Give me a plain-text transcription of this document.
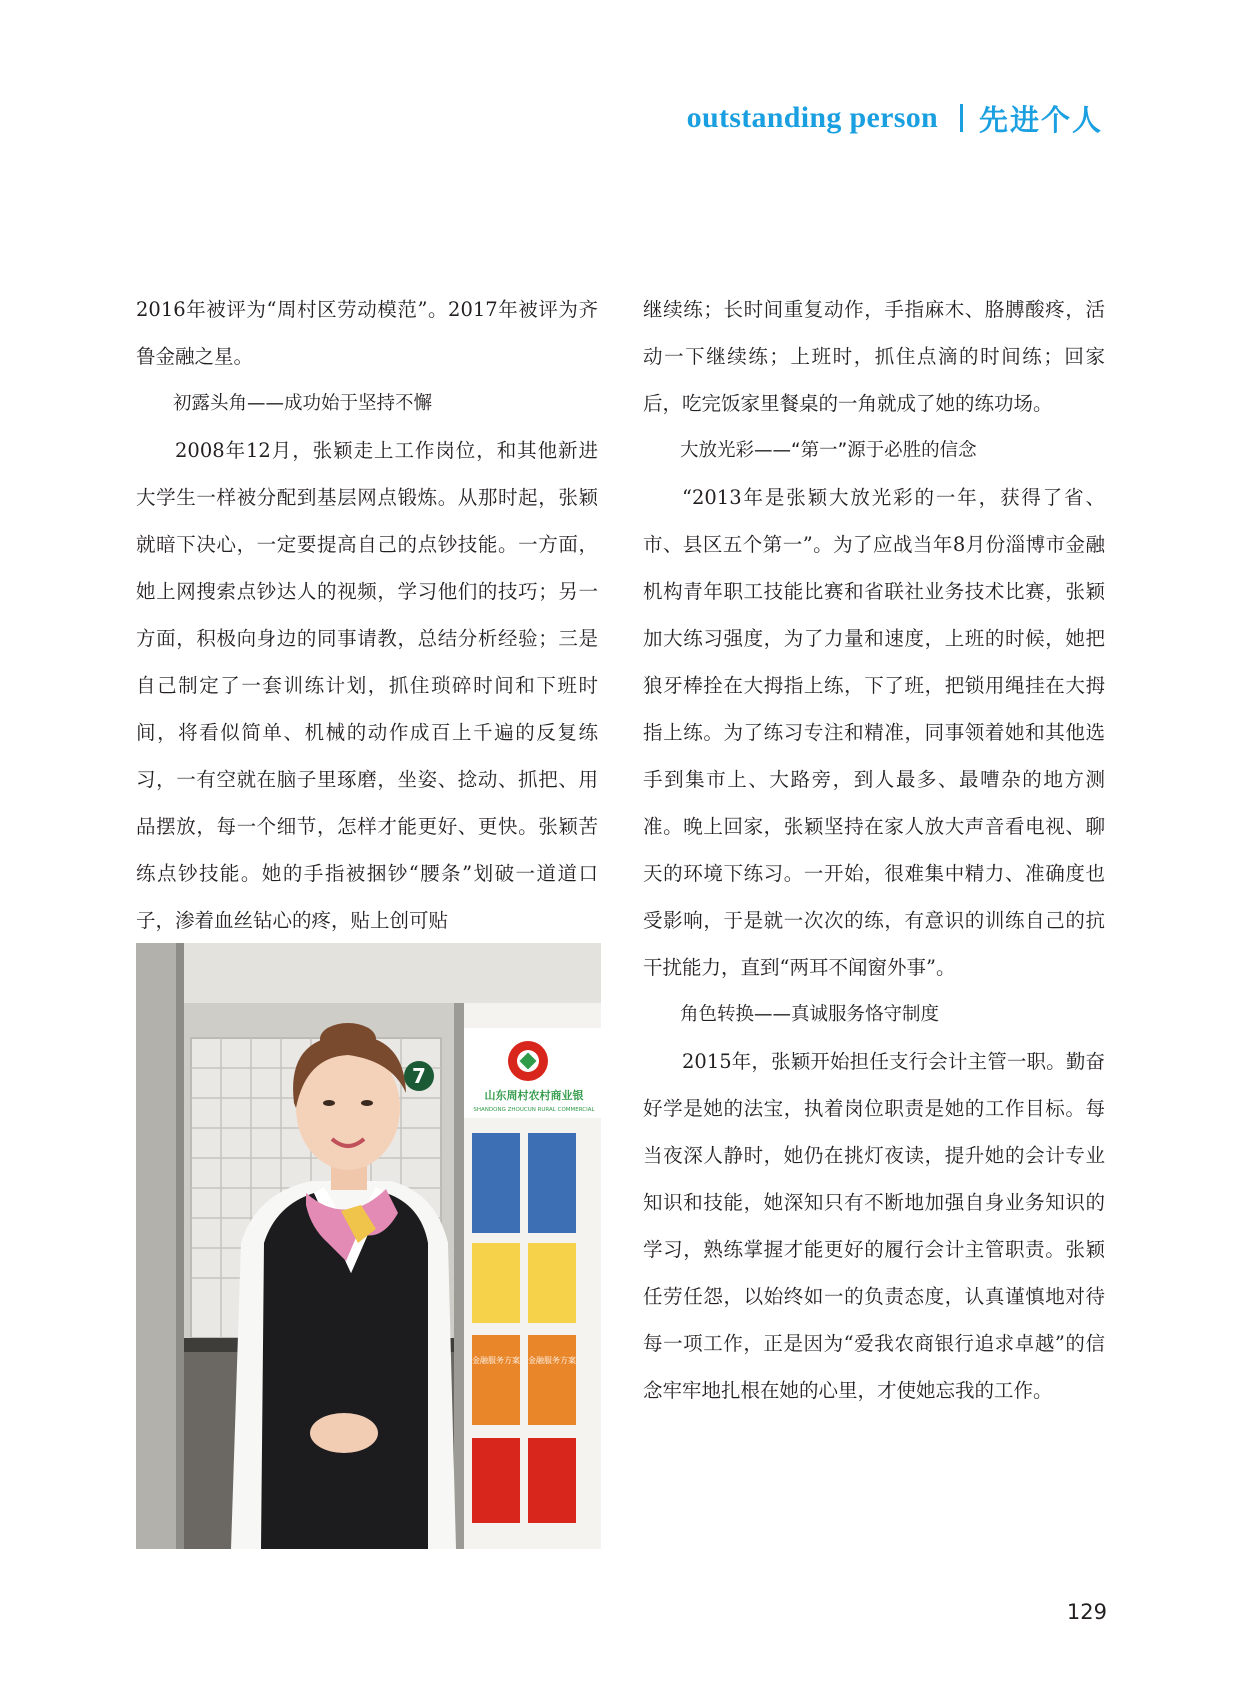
outstanding person 先进个人

2016年被评为“周村区劳动模范”。2017年被评为齐鲁金融之星。

初露头角——成功始于坚持不懈

2008年12月，张颖走上工作岗位，和其他新进大学生一样被分配到基层网点锻炼。从那时起，张颖就暗下决心，一定要提高自己的点钞技能。一方面，她上网搜索点钞达人的视频，学习他们的技巧；另一方面，积极向身边的同事请教，总结分析经验；三是自己制定了一套训练计划，抓住琐碎时间和下班时间，将看似简单、机械的动作成百上千遍的反复练习，一有空就在脑子里琢磨，坐姿、捻动、抓把、用品摆放，每一个细节，怎样才能更好、更快。张颖苦练点钞技能。她的手指被捆钞“腰条”划破一道道口子，渗着血丝钻心的疼，贴上创可贴

7
山东周村农村商业银
SHANDONG ZHOUCUN RURAL COMMERCIAL
金融服务方案 金融服务方案

继续练；长时间重复动作，手指麻木、胳膊酸疼，活动一下继续练；上班时，抓住点滴的时间练；回家后，吃完饭家里餐桌的一角就成了她的练功场。

大放光彩——“第一”源于必胜的信念

“2013年是张颖大放光彩的一年，获得了省、市、县区五个第一”。为了应战当年8月份淄博市金融机构青年职工技能比赛和省联社业务技术比赛，张颖加大练习强度，为了力量和速度，上班的时候，她把狼牙棒拴在大拇指上练，下了班，把锁用绳挂在大拇指上练。为了练习专注和精准，同事领着她和其他选手到集市上、大路旁，到人最多、最嘈杂的地方测准。晚上回家，张颖坚持在家人放大声音看电视、聊天的环境下练习。一开始，很难集中精力、准确度也受影响，于是就一次次的练，有意识的训练自己的抗干扰能力，直到“两耳不闻窗外事”。

角色转换——真诚服务恪守制度

2015年，张颖开始担任支行会计主管一职。勤奋好学是她的法宝，执着岗位职责是她的工作目标。每当夜深人静时，她仍在挑灯夜读，提升她的会计专业知识和技能，她深知只有不断地加强自身业务知识的学习，熟练掌握才能更好的履行会计主管职责。张颖任劳任怨，以始终如一的负责态度，认真谨慎地对待每一项工作，正是因为“爱我农商银行追求卓越”的信念牢牢地扎根在她的心里，才使她忘我的工作。

129
